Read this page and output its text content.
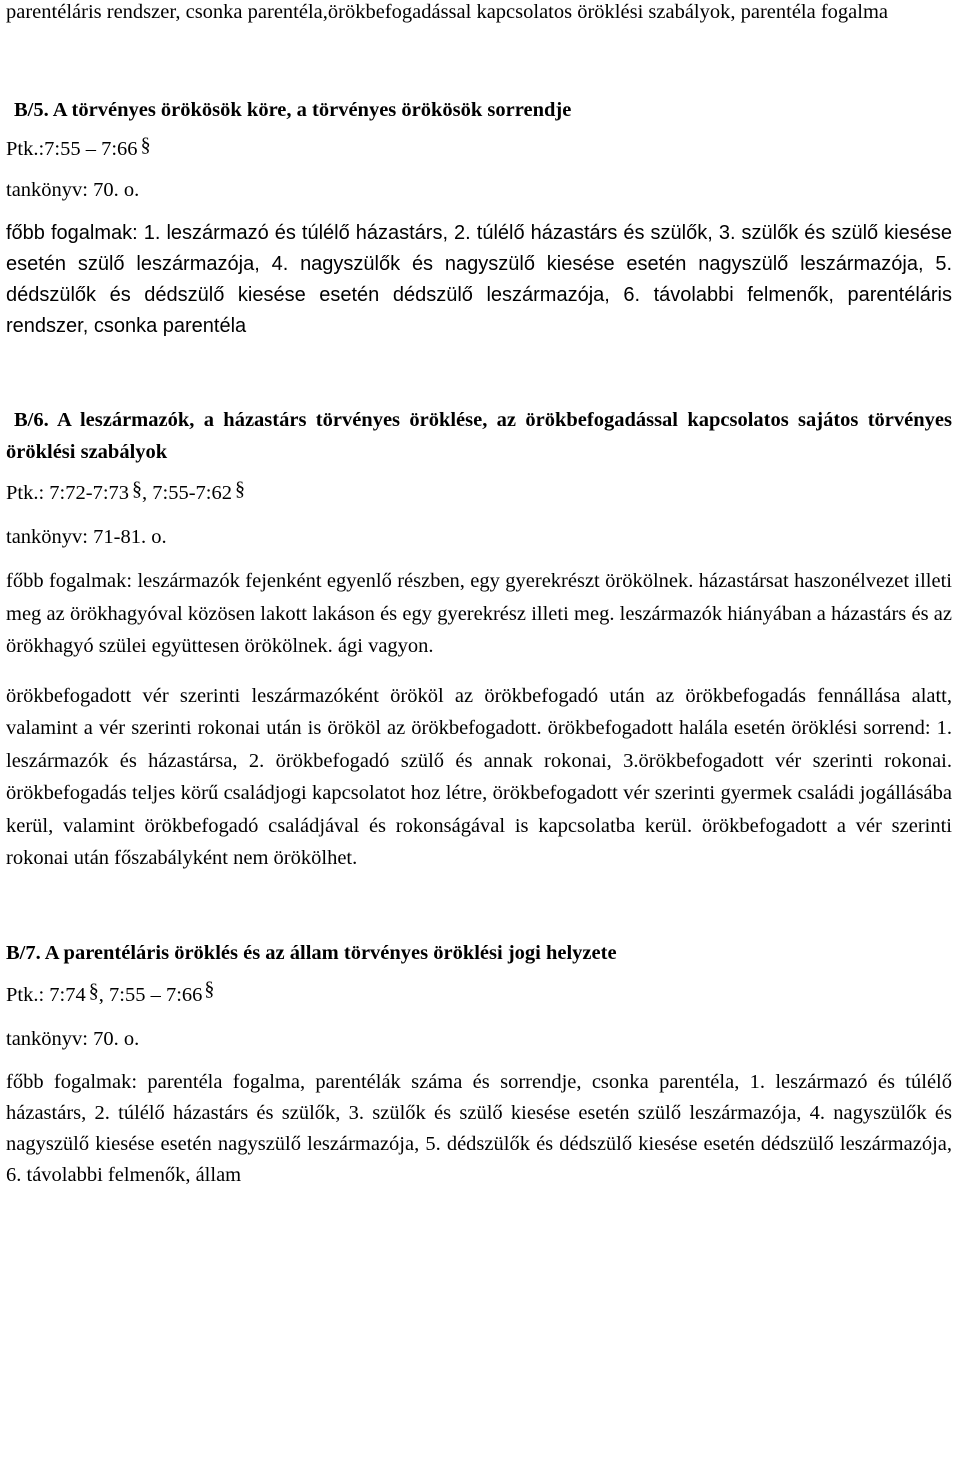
parentéláris rendszer, csonka parentéla,örökbefogadással kapcsolatos öröklési szabályok, parentéla fogalma

B/5. A törvényes örökösök köre, a törvényes örökösök sorrendje

Ptk.:7:55 – 7:66 §

tankönyv: 70. o.

főbb fogalmak: 1. leszármazó és túlélő házastárs, 2. túlélő házastárs és szülők, 3. szülők és szülő kiesése esetén szülő leszármazója, 4. nagyszülők és nagyszülő kiesése esetén nagyszülő leszármazója, 5. dédszülők és dédszülő kiesése esetén dédszülő leszármazója, 6. távolabbi felmenők, parentéláris rendszer, csonka parentéla

B/6. A leszármazók, a házastárs törvényes öröklése, az örökbefogadással kapcsolatos sajátos törvényes öröklési szabályok

Ptk.: 7:72-7:73 §, 7:55-7:62 §

tankönyv: 71-81. o.

főbb fogalmak: leszármazók fejenként egyenlő részben, egy gyerekrészt örökölnek. házastársat haszonélvezet illeti meg az örökhagyóval közösen lakott lakáson és egy gyerekrész illeti meg. leszármazók hiányában a házastárs és az örökhagyó szülei együttesen örökölnek. ági vagyon.

örökbefogadott vér szerinti leszármazóként örököl az örökbefogadó után az örökbefogadás fennállása alatt, valamint a vér szerinti rokonai után is örököl az örökbefogadott. örökbefogadott halála esetén öröklési sorrend: 1. leszármazók és házastársa, 2. örökbefogadó szülő és annak rokonai, 3.örökbefogadott vér szerinti rokonai. örökbefogadás teljes körű családjogi kapcsolatot hoz létre, örökbefogadott vér szerinti gyermek családi jogállásába kerül, valamint örökbefogadó családjával és rokonságával is kapcsolatba kerül. örökbefogadott a vér szerinti rokonai után főszabályként nem örökölhet.

B/7. A parentéláris öröklés és az állam törvényes öröklési jogi helyzete

Ptk.: 7:74 §, 7:55 – 7:66 §

tankönyv: 70. o.

főbb fogalmak: parentéla fogalma, parentélák száma és sorrendje, csonka parentéla, 1. leszármazó és túlélő házastárs, 2. túlélő házastárs és szülők, 3. szülők és szülő kiesése esetén szülő leszármazója, 4. nagyszülők és nagyszülő kiesése esetén nagyszülő leszármazója, 5. dédszülők és dédszülő kiesése esetén dédszülő leszármazója, 6. távolabbi felmenők, állam
